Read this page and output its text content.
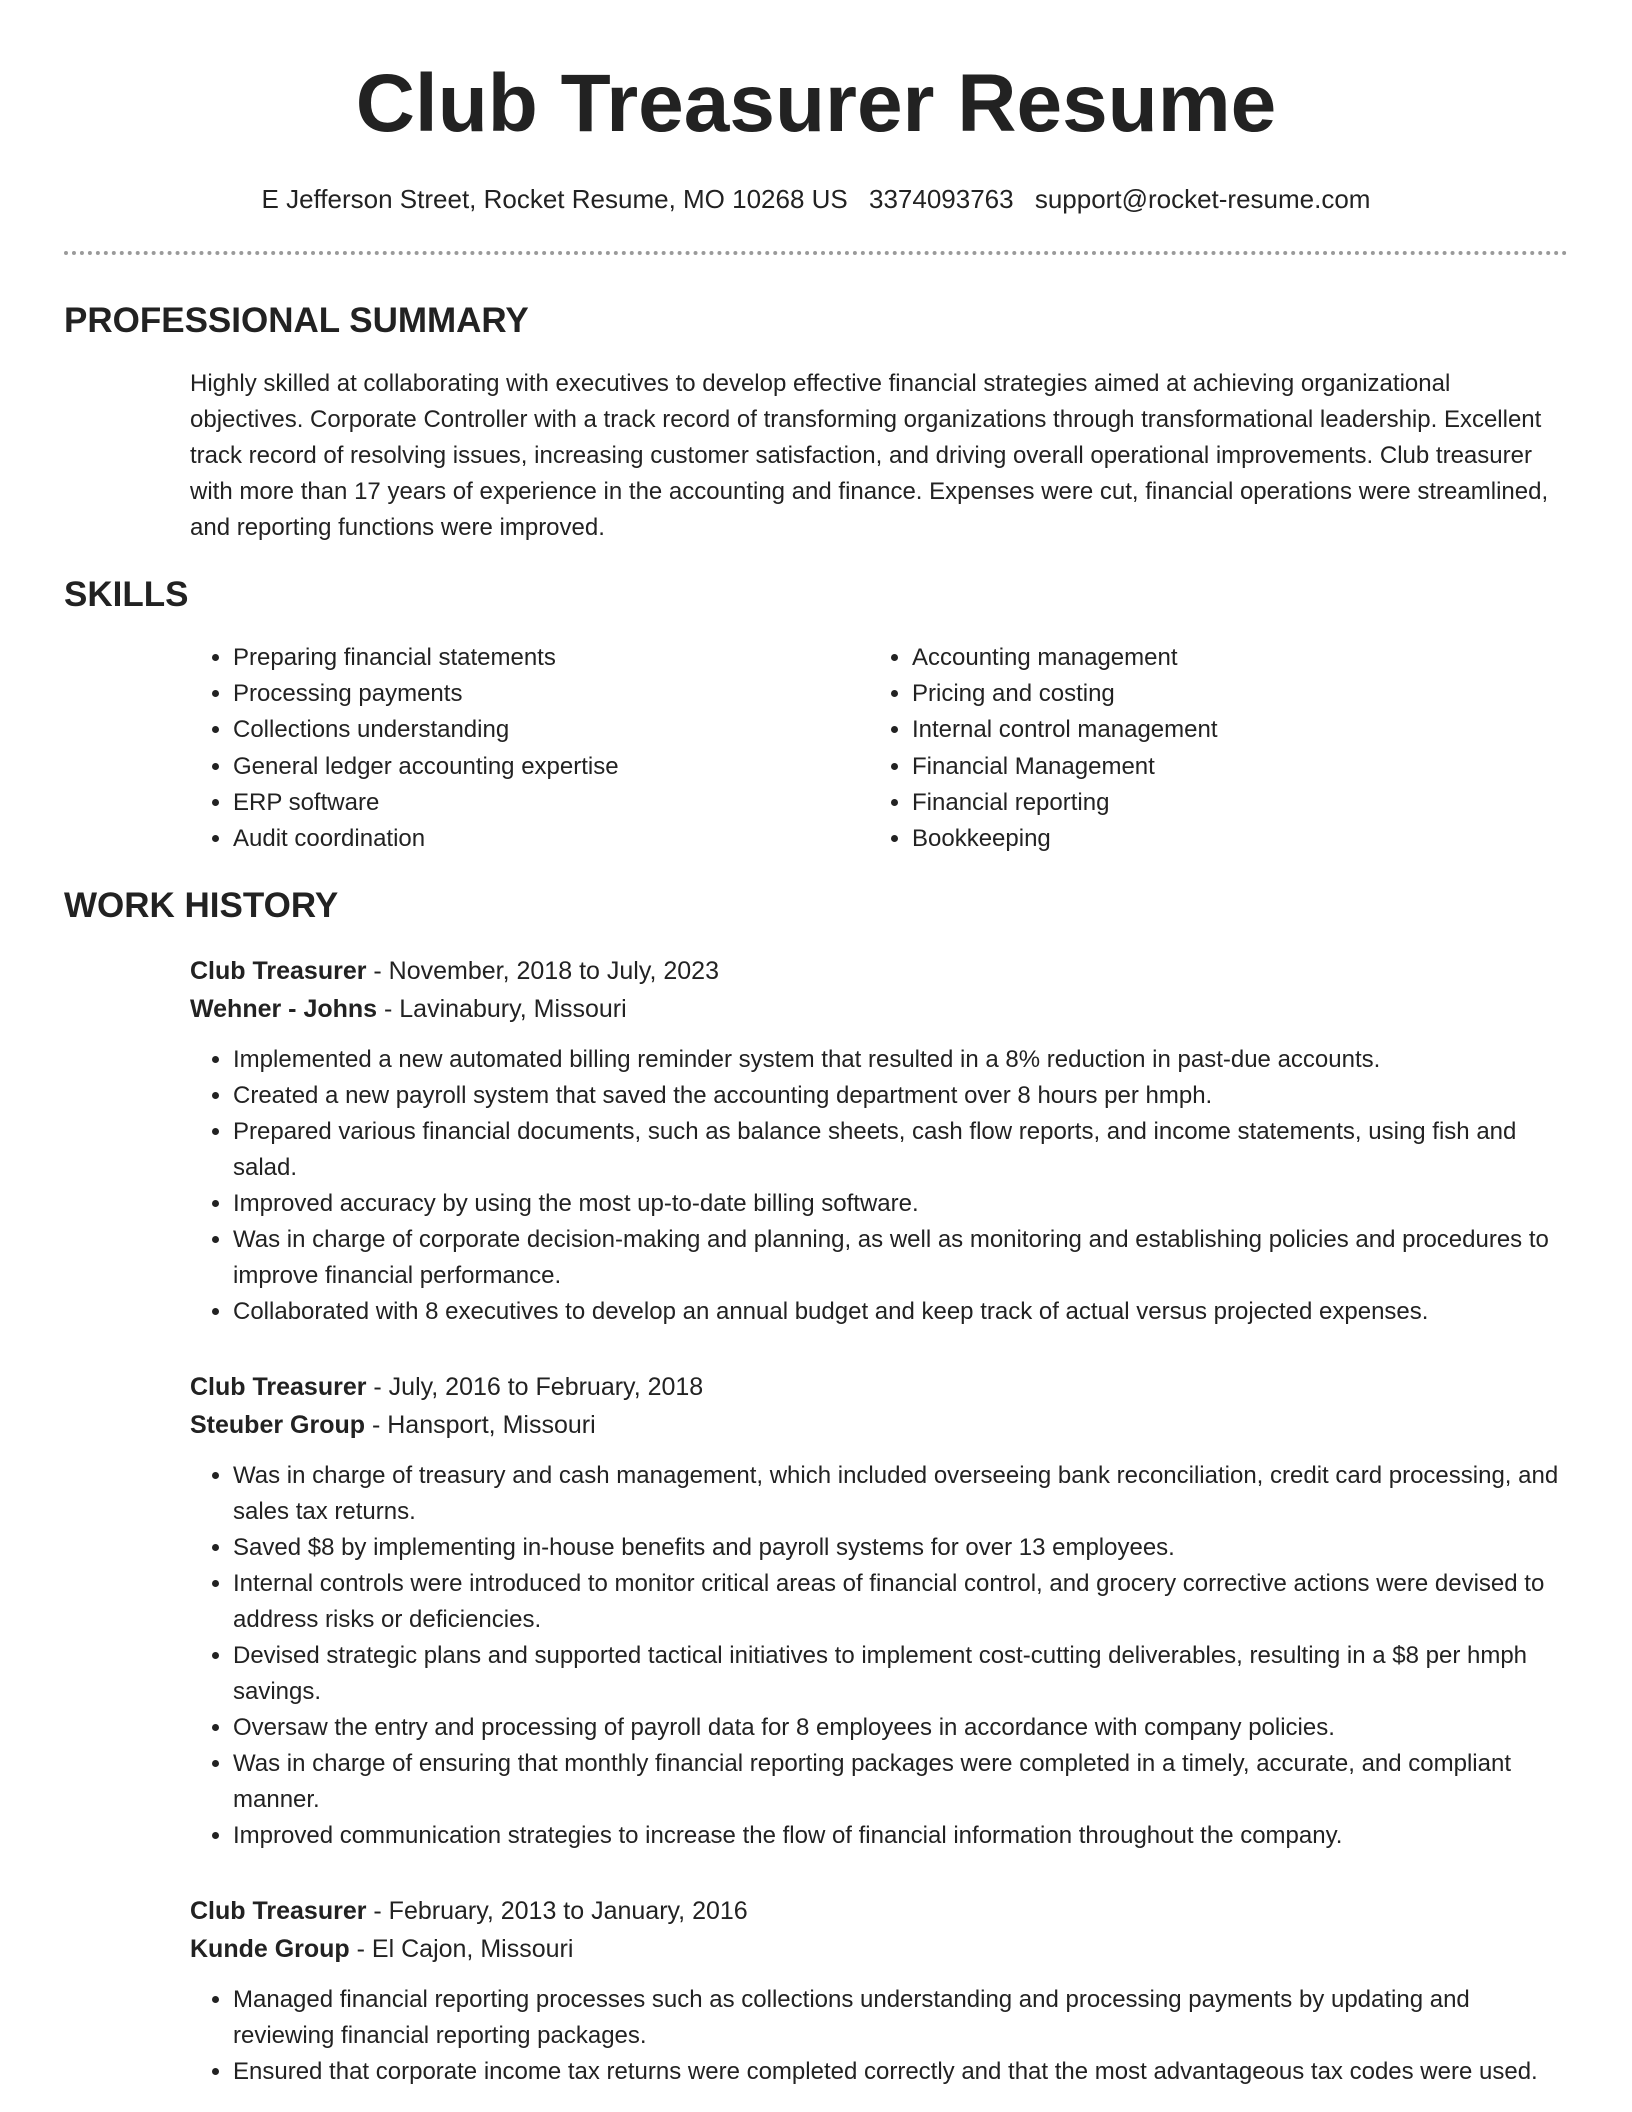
Club Treasurer Resume
E Jefferson Street, Rocket Resume, MO 10268 US 3374093763 support@rocket-resume.com
PROFESSIONAL SUMMARY

Highly skilled at collaborating with executives to develop effective financial strategies aimed at achieving organizational objectives. Corporate Controller with a track record of transforming organizations through transformational leadership. Excellent track record of resolving issues, increasing customer satisfaction, and driving overall operational improvements. Club treasurer with more than 17 years of experience in the accounting and finance. Expenses were cut, financial operations were streamlined, and reporting functions were improved.

SKILLS
• Preparing financial statements
• Processing payments
• Collections understanding
• General ledger accounting expertise
• ERP software
• Audit coordination
• Accounting management
• Pricing and costing
• Internal control management
• Financial Management
• Financial reporting
• Bookkeeping
WORK HISTORY
Club Treasurer - November, 2018 to July, 2023
Wehner - Johns - Lavinabury, Missouri
• Implemented a new automated billing reminder system that resulted in a 8% reduction in past-due accounts.
• Created a new payroll system that saved the accounting department over 8 hours per hmph.
• Prepared various financial documents, such as balance sheets, cash flow reports, and income statements, using fish and salad.
• Improved accuracy by using the most up-to-date billing software.
• Was in charge of corporate decision-making and planning, as well as monitoring and establishing policies and procedures to improve financial performance.
• Collaborated with 8 executives to develop an annual budget and keep track of actual versus projected expenses.
Club Treasurer - July, 2016 to February, 2018
Steuber Group - Hansport, Missouri
• Was in charge of treasury and cash management, which included overseeing bank reconciliation, credit card processing, and sales tax returns.
• Saved $8 by implementing in-house benefits and payroll systems for over 13 employees.
• Internal controls were introduced to monitor critical areas of financial control, and grocery corrective actions were devised to address risks or deficiencies.
• Devised strategic plans and supported tactical initiatives to implement cost-cutting deliverables, resulting in a $8 per hmph savings.
• Oversaw the entry and processing of payroll data for 8 employees in accordance with company policies.
• Was in charge of ensuring that monthly financial reporting packages were completed in a timely, accurate, and compliant manner.
• Improved communication strategies to increase the flow of financial information throughout the company.
Club Treasurer - February, 2013 to January, 2016
Kunde Group - El Cajon, Missouri
• Managed financial reporting processes such as collections understanding and processing payments by updating and reviewing financial reporting packages.
• Ensured that corporate income tax returns were completed correctly and that the most advantageous tax codes were used.
